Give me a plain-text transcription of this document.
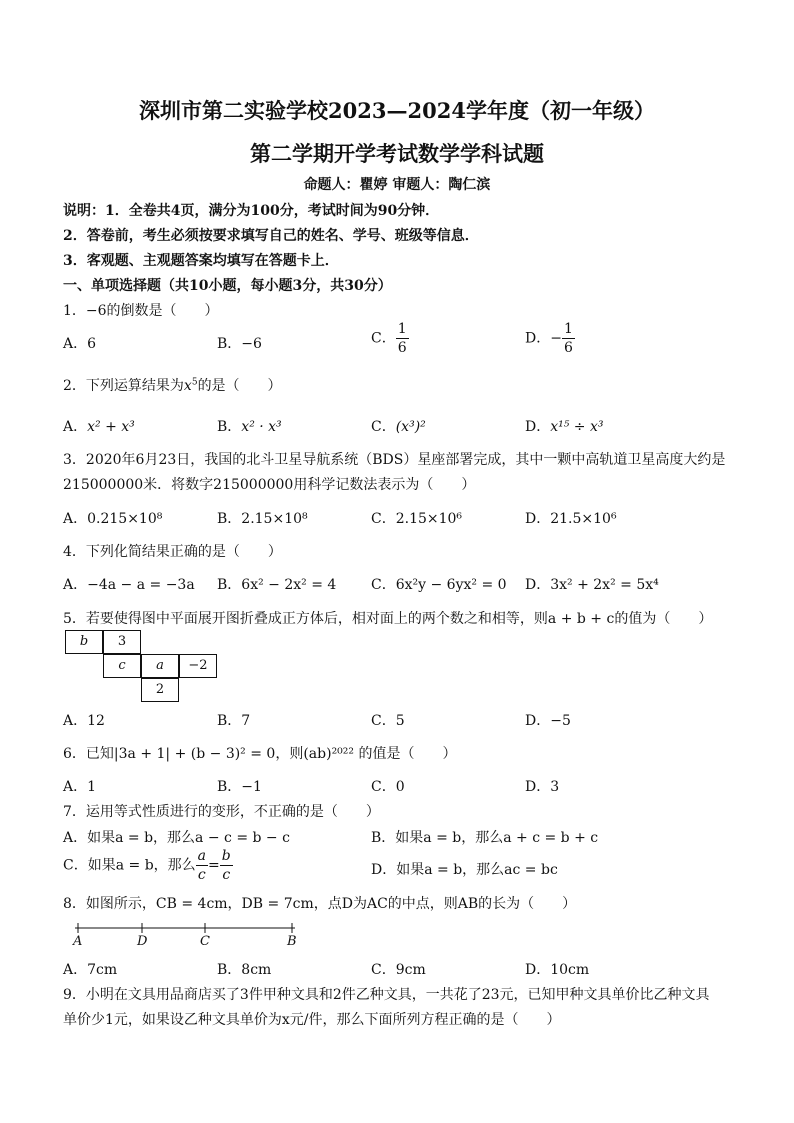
深圳市第二实验学校2023—2024学年度（初一年级）
第二学期开学考试数学学科试题
命题人：瞿婷 审题人：陶仁滨
说明：1．全卷共4页，满分为100分，考试时间为90分钟．
2．答卷前，考生必须按要求填写自己的姓名、学号、班级等信息．
3．客观题、主观题答案均填写在答题卡上．
一、单项选择题（共10小题，每小题3分，共30分）
1．−6的倒数是（　　）
A．6	B．−6	C． $\frac{1}{6}$	D．− $\frac{1}{6}$
2．下列运算结果为$x^5$的是（　　）
A．x² + x³	B．x² · x³	C．(x³)²	D．x¹⁵ ÷ x³
3．2020年6月23日，我国的北斗卫星导航系统（BDS）星座部署完成，其中一颗中高轨道卫星高度大约是
215000000米．将数字215000000用科学记数法表示为（　　）
A．0.215×10⁸	B．2.15×10⁸	C．2.15×10⁶	D．21.5×10⁶
4．下列化简结果正确的是（　　）
A．−4a − a = −3a B．6x² − 2x² = 4 C．6x²y − 6yx² = 0 D．3x² + 2x² = 5x⁴
5．若要使得图中平面展开图折叠成正方体后，相对面上的两个数之和相等，则a + b + c的值为（　　）
b	3
c	a	−2
2
A．12	B．7	C．5	D．−5
6．已知|3a + 1| + (b − 3)² = 0，则(ab)²⁰²² 的值是（　　）
A．1	B．−1	C．0	D．3
7．运用等式性质进行的变形，不正确的是（　　）
A．如果a = b，那么a − c = b − c	B．如果a = b，那么a + c = b + c
C．如果a = b，那么 $\frac{a}{c} = \frac{b}{c}$	D．如果a = b，那么ac = bc
8．如图所示，CB = 4cm，DB = 7cm，点D为AC的中点，则AB的长为（　　）
A	D	C	B
A．7cm	B．8cm	C．9cm	D．10cm
9．小明在文具用品商店买了3件甲种文具和2件乙种文具，一共花了23元，已知甲种文具单价比乙种文具
单价少1元，如果设乙种文具单价为x元/件，那么下面所列方程正确的是（　　）
